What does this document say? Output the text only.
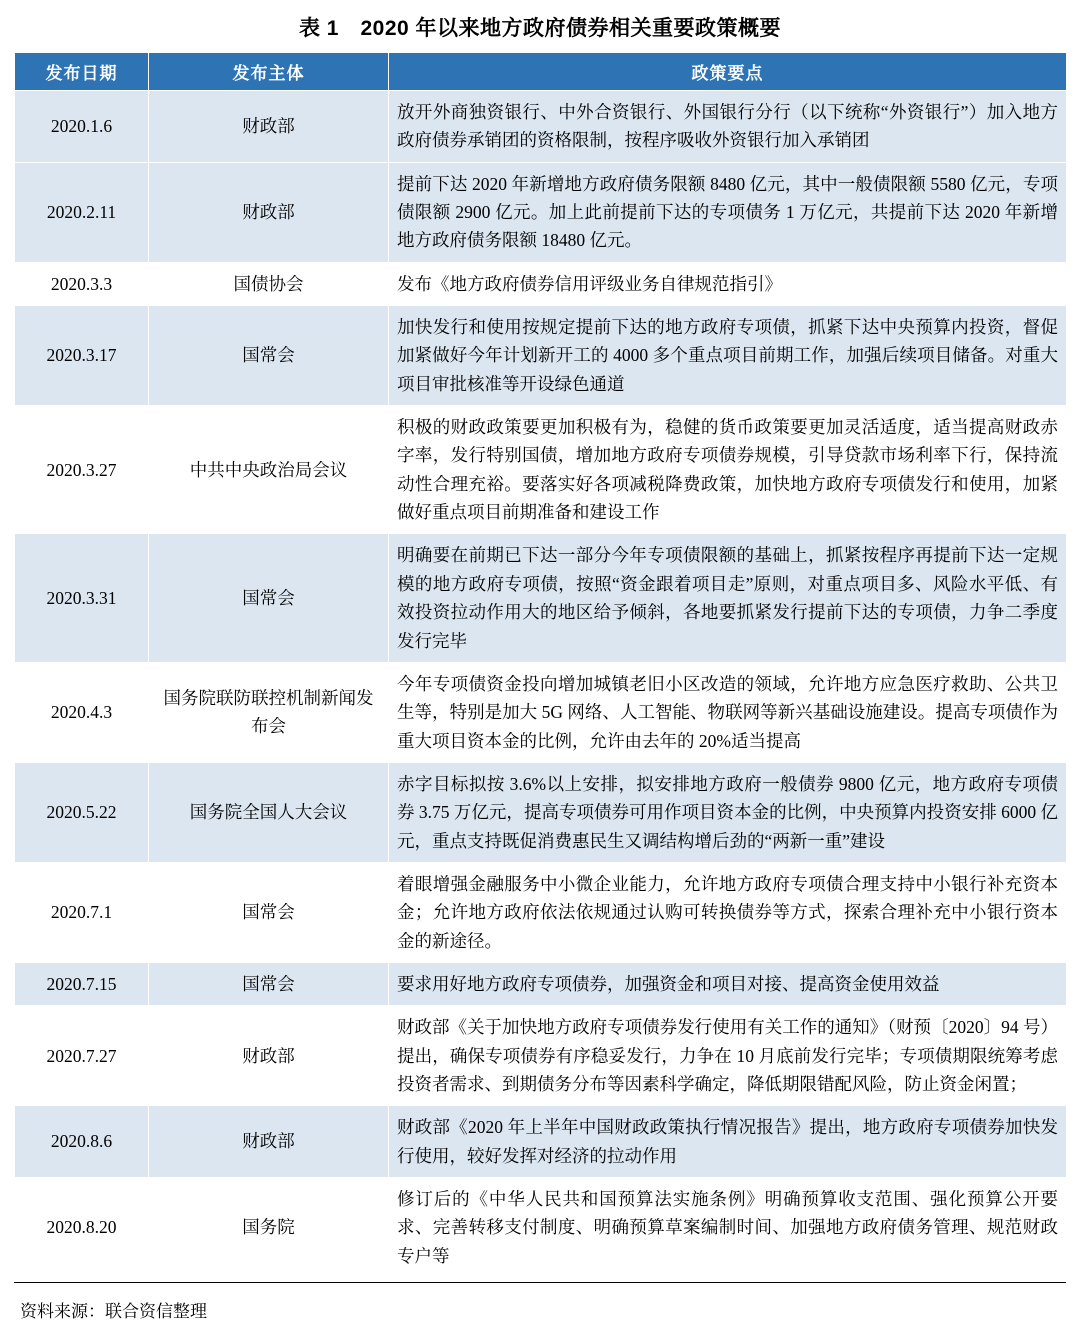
表 1　2020 年以来地方政府债券相关重要政策概要
发布日期	发布主体	政策要点
2020.1.6	财政部	放开外商独资银行、中外合资银行、外国银行分行（以下统称“外资银行”）加入地方政府债券承销团的资格限制，按程序吸收外资银行加入承销团
2020.2.11	财政部	提前下达 2020 年新增地方政府债务限额 8480 亿元，其中一般债限额 5580 亿元，专项债限额 2900 亿元。加上此前提前下达的专项债务 1 万亿元，共提前下达 2020 年新增地方政府债务限额 18480 亿元。
2020.3.3	国债协会	发布《地方政府债券信用评级业务自律规范指引》
2020.3.17	国常会	加快发行和使用按规定提前下达的地方政府专项债，抓紧下达中央预算内投资，督促加紧做好今年计划新开工的 4000 多个重点项目前期工作，加强后续项目储备。对重大项目审批核准等开设绿色通道
2020.3.27	中共中央政治局会议	积极的财政政策要更加积极有为，稳健的货币政策要更加灵活适度，适当提高财政赤字率，发行特别国债，增加地方政府专项债券规模，引导贷款市场利率下行，保持流动性合理充裕。要落实好各项减税降费政策，加快地方政府专项债发行和使用，加紧做好重点项目前期准备和建设工作
2020.3.31	国常会	明确要在前期已下达一部分今年专项债限额的基础上，抓紧按程序再提前下达一定规模的地方政府专项债，按照“资金跟着项目走”原则，对重点项目多、风险水平低、有效投资拉动作用大的地区给予倾斜，各地要抓紧发行提前下达的专项债，力争二季度发行完毕
2020.4.3	国务院联防联控机制新闻发布会	今年专项债资金投向增加城镇老旧小区改造的领域，允许地方应急医疗救助、公共卫生等，特别是加大 5G 网络、人工智能、物联网等新兴基础设施建设。提高专项债作为重大项目资本金的比例，允许由去年的 20%适当提高
2020.5.22	国务院全国人大会议	赤字目标拟按 3.6%以上安排，拟安排地方政府一般债券 9800 亿元，地方政府专项债券 3.75 万亿元，提高专项债券可用作项目资本金的比例，中央预算内投资安排 6000 亿元，重点支持既促消费惠民生又调结构增后劲的“两新一重”建设
2020.7.1	国常会	着眼增强金融服务中小微企业能力，允许地方政府专项债合理支持中小银行补充资本金；允许地方政府依法依规通过认购可转换债券等方式，探索合理补充中小银行资本金的新途径。
2020.7.15	国常会	要求用好地方政府专项债券，加强资金和项目对接、提高资金使用效益
2020.7.27	财政部	财政部《关于加快地方政府专项债券发行使用有关工作的通知》（财预〔2020〕94 号）提出，确保专项债券有序稳妥发行，力争在 10 月底前发行完毕；专项债期限统筹考虑投资者需求、到期债务分布等因素科学确定，降低期限错配风险，防止资金闲置；
2020.8.6	财政部	财政部《2020 年上半年中国财政政策执行情况报告》提出，地方政府专项债券加快发行使用，较好发挥对经济的拉动作用
2020.8.20	国务院	修订后的《中华人民共和国预算法实施条例》明确预算收支范围、强化预算公开要求、完善转移支付制度、明确预算草案编制时间、加强地方政府债务管理、规范财政专户等
资料来源：联合资信整理
